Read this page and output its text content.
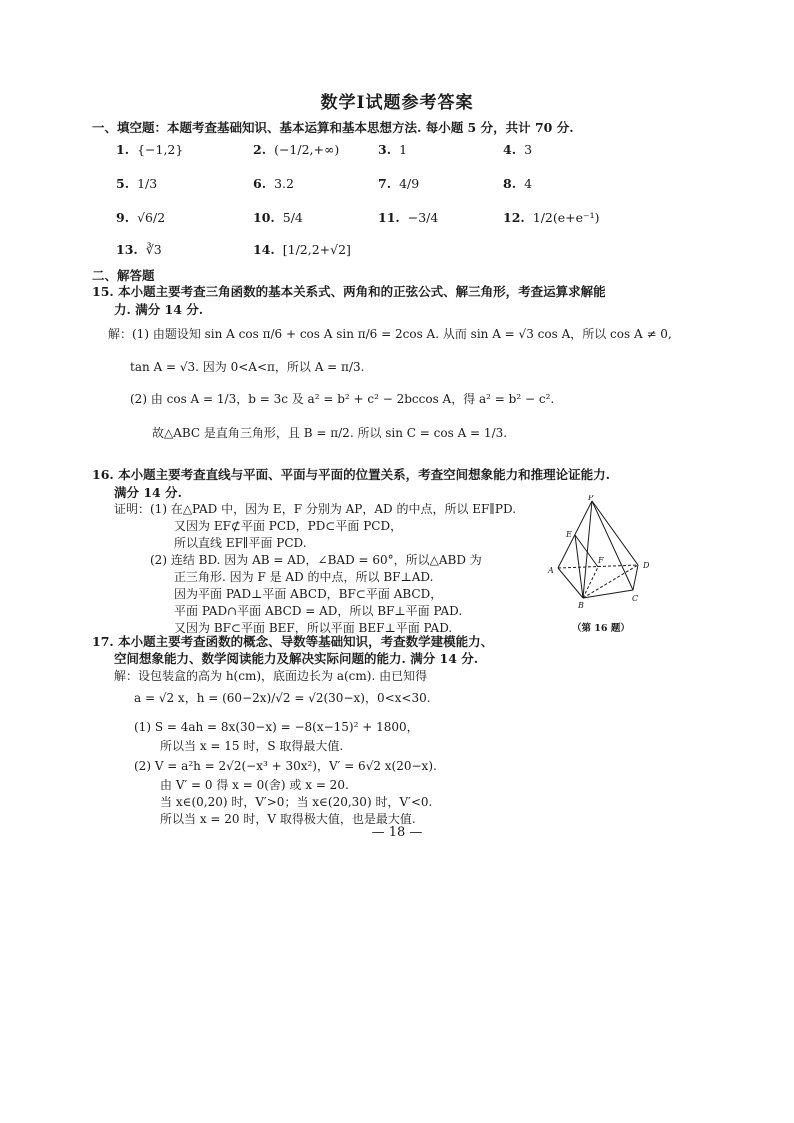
数学Ⅰ试题参考答案
一、填空题：本题考查基础知识、基本运算和基本思想方法. 每小题 5 分，共计 70 分.
1. {−1,2}	2. (−1/2,+∞)	3. 1	4. 3
5. 1/3	6. 3.2	7. 4/9	8. 4
9. √6/2	10. 5/4	11. −3/4	12. 1/2(e+e⁻¹)
13. ∛3	14. [1/2,2+√2]
二、解答题
15. 本小题主要考查三角函数的基本关系式、两角和的正弦公式、解三角形，考查运算求解能
力. 满分 14 分.
解：(1) 由题设知 sin A cos π/6 + cos A sin π/6 = 2cos A. 从而 sin A = √3 cos A，所以 cos A ≠ 0,
tan A = √3. 因为 0<A<π，所以 A = π/3.
(2) 由 cos A = 1/3，b = 3c 及 a² = b² + c² − 2bccos A，得 a² = b² − c².
故△ABC 是直角三角形，且 B = π/2. 所以 sin C = cos A = 1/3.
16. 本小题主要考查直线与平面、平面与平面的位置关系，考查空间想象能力和推理论证能力.
满分 14 分.
证明：(1) 在△PAD 中，因为 E，F 分别为 AP，AD 的中点，所以 EF∥PD.
又因为 EF⊄平面 PCD，PD⊂平面 PCD，
所以直线 EF∥平面 PCD.
(2) 连结 BD. 因为 AB = AD，∠BAD = 60°，所以△ABD 为
正三角形. 因为 F 是 AD 的中点，所以 BF⊥AD.
因为平面 PAD⊥平面 ABCD，BF⊂平面 ABCD，
平面 PAD∩平面 ABCD = AD，所以 BF⊥平面 PAD.
又因为 BF⊂平面 BEF，所以平面 BEF⊥平面 PAD.
P
E
A
F
D
B
C
（第 16 题）
17. 本小题主要考查函数的概念、导数等基础知识，考查数学建模能力、
空间想象能力、数学阅读能力及解决实际问题的能力. 满分 14 分.
解：设包装盒的高为 h(cm)，底面边长为 a(cm). 由已知得
a = √2 x，h = (60−2x)/√2 = √2(30−x)，0<x<30.
(1) S = 4ah = 8x(30−x) = −8(x−15)² + 1800，
所以当 x = 15 时，S 取得最大值.
(2) V = a²h = 2√2(−x³ + 30x²)，V′ = 6√2 x(20−x).
由 V′ = 0 得 x = 0(舍) 或 x = 20.
当 x∈(0,20) 时，V′>0；当 x∈(20,30) 时，V′<0.
所以当 x = 20 时，V 取得极大值，也是最大值.
— 18 —
